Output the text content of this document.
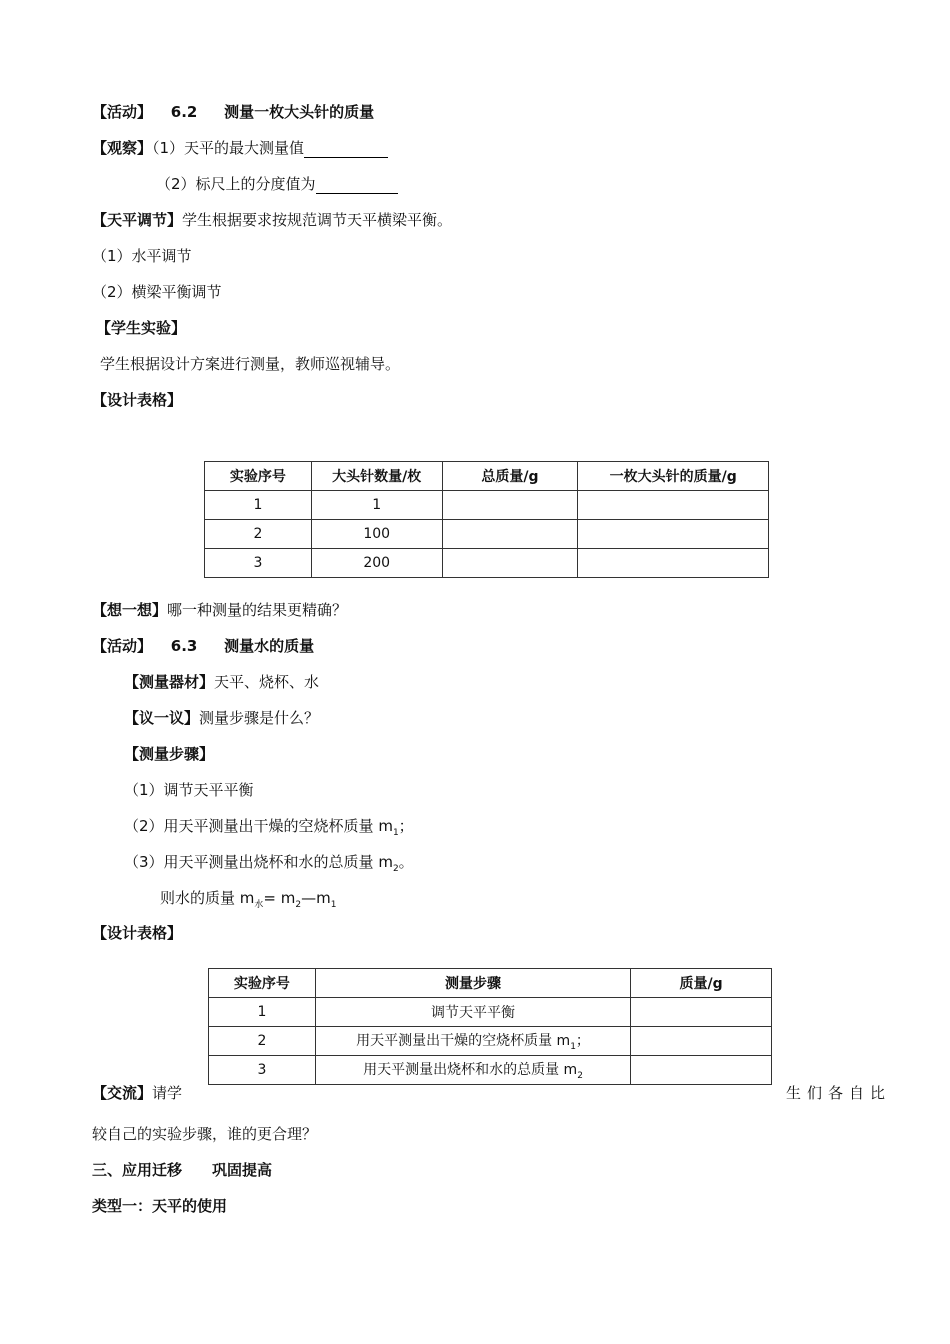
【活动】 6.2 测量一枚大头针的质量
【观察】（1）天平的最大测量值
（2）标尺上的分度值为
【天平调节】学生根据要求按规范调节天平横梁平衡。
（1）水平调节
（2）横梁平衡调节
【学生实验】
学生根据设计方案进行测量，教师巡视辅导。
【设计表格】
实验序号	大头针数量/枚	总质量/g	一枚大头针的质量/g
1	1		
2	100		
3	200		
【想一想】哪一种测量的结果更精确？
【活动】 6.3 测量水的质量
【测量器材】天平、烧杯、水
【议一议】测量步骤是什么？
【测量步骤】
（1）调节天平平衡
（2）用天平测量出干燥的空烧杯质量 $m_1$；
（3）用天平测量出烧杯和水的总质量 $m_2$。
则水的质量 $m_水=$ $m_2—m_1$
【设计表格】
实验序号	测量步骤	质量/g
1	调节天平平衡	
2	用天平测量出干燥的空烧杯质量 $m_1$；	
3	用天平测量出烧杯和水的总质量 $m_2$	
【交流】请学	生们各自比
较自己的实验步骤，谁的更合理？
三、应用迁移　　巩固提高
类型一：天平的使用
